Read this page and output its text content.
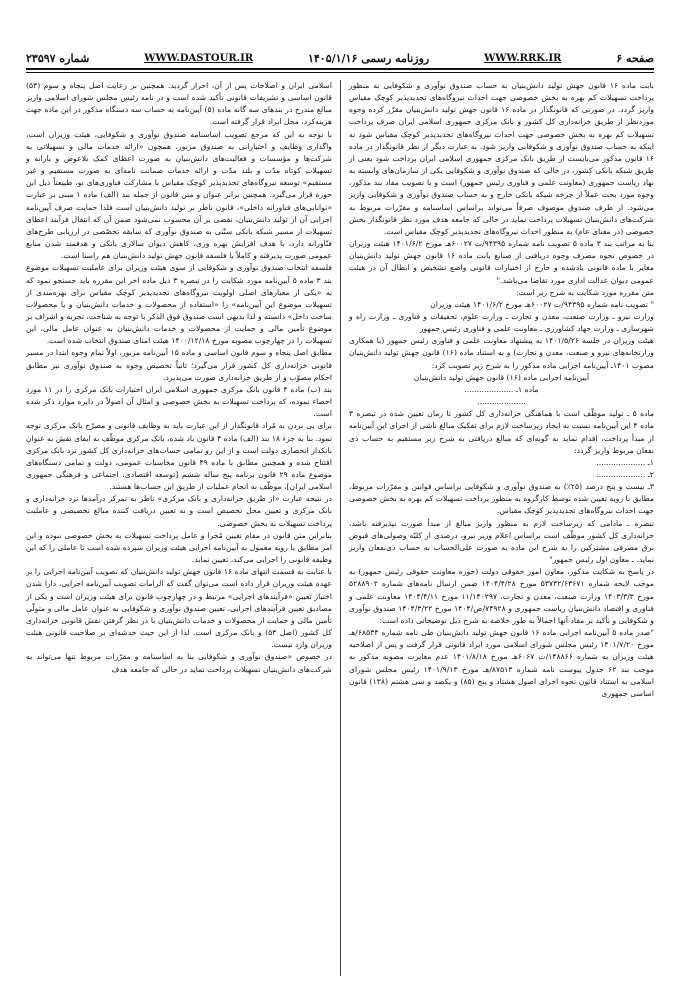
شماره ۲۳۵۹۷	WWW.DASTOUR.IR	روزنامه رسمی ۱۴۰۵/۱/۱۶	WWW.RRK.IR	صفحه ۶

بابت ماده ۱۶ قانون جهش تولید دانش‌بنیان به حساب صندوق نوآوری و شکوفایی به منظور پرداخت تسهیلات کم بهره به بخش خصوصی جهت احداث نیروگاه‌های تجدیدپذیر کوچک مقیاس واریز گردد. در صورتی که قانونگذار در ماده ۱۶ قانون جهش تولید دانش‌بنیان مقرّر کرده وجوه موردنظر از طریق خزانه‌داری کل کشور و بانک مرکزی جمهوری اسلامی ایران صرف پرداخت تسهیلات کم بهره به بخش خصوصی جهت احداث نیروگاه‌های تجدیدپذیر کوچک مقیاس شود نه اینکه به حساب صندوق نوآوری و شکوفایی واریز شود. به عبارت دیگر از نظر قانونگذار در ماده ۱۶ قانون مذکور می‌بایست از طریق بانک مرکزی جمهوری اسلامی ایران پرداخت شود یعنی از طریق شبکه بانکی کشور، در حالی که صندوق نوآوری و شکوفایی یکی از سازمان‌های وابسته به نهاد ریاست جمهوری (معاونت علمی و فناوری رئیس جمهور) است و با تصویب مفاد بند مذکور، وجوه مورد بحث عملاً از چرخه شبکه بانکی خارج و به حساب صندوق نوآوری و شکوفایی واریز می‌شود. از طرف صندوق موصوف صرفاً می‌تواند براساس اساسنامه و مقرّرات مربوط به شرکت‌های دانش‌بنیان تسهیلات پرداخت نماید در حالی که جامعه هدف مورد نظر قانونگذار بخش خصوصی (در معنای عام) به منظور احداث نیروگاه‌های تجدیدپذیر کوچک مقیاس است.

بنا به مراتب بند ۳ ماده ۵ تصویب نامه شماره ۹۴۳۹۵/ت ۶۰۰۲۷هـ مورخ ۱۴۰۱/۶/۲ هیئت وزیران در خصوص نحوه مصرف وجوه دریافتی از صنایع بابت ماده ۱۶ قانون جهش تولید دانش‌بنیان مغایر با ماده قانونی یادشده و خارج از اختیارات قانونی واضع تشخیص و ابطال آن در هیئت عمومی دیوان عدالت اداری مورد تقاضا می‌باشد."

متن مقرره مورد شکایت به شرح زیر است:

" تصویب نامه شماره ۹۴۳۹۵/ت ۶۰۰۲۷هـ مورخ ۱۴۰۱/۶/۲ هیئت وزیران

وزارت نیرو ـ وزارت صنعت، معدن و تجارت ـ وزارت علوم، تحقیقات و فناوری ـ وزارت راه و شهرسازی ـ وزارت جهاد کشاورزی ـ معاونت علمی و فناوری رئیس جمهور

هیئت وزیران در جلسه ۱۴۰۱/۵/۲۶ به پیشنهاد معاونت علمی و فناوری رئیس جمهور (با همکاری وزارتخانه‌های نیرو و صنعت، معدن و تجارت) و به استناد ماده (۱۶) قانون جهش تولید دانش‌بنیان مصوب ۱۴۰۱ـ آیین‌نامه اجرایی ماده مذکور را به شرح زیر تصویب کرد:

آیین‌نامه اجرایی ماده (۱۶) قانون جهش تولید دانش‌بنیان

ماده ۱ـ ....................

....................

ماده ۵ ـ تولید موظّف است با هماهنگی خزانه‌داری کل کشور تا زمان تعیین شده در تبصره ۳ ماده ۴ این آیین‌نامه نسبت به ایجاد زیرساخت لازم برای تفکیک مبالغ ناشی از اجرای این آیین‌نامه از مبدأ پرداخت، اقدام نماید به گونه‌ای که مبالغ دریافتی به شرح زیر مستقیم به حساب ذی نفعان مربوط واریز گردد:

۱ـ ....................

۲ـ ....................

۳ـ بیست و پنج درصد (۲۵٪) به صندوق نوآوری و شکوفایی براساس قوانین و مقرّرات مربوط، مطابق با رویه تعیین شده توسط کارگروه به منظور پرداخت تسهیلات کم بهره به بخش خصوصی جهت احداث نیروگاه‌های تجدیدپذیر کوچک مقیاس.

تبصره ـ مادامی که زیرساخت لازم به منظور واریز مبالغ از مبدأ صورت نپذیرفته باشد، خزانه‌داری کل کشور موظّف است براساس اعلام وزیر نیرو، درصدی از کلیّه وصولی‌های قبوض برق مصرفی مشترکین را به شرح این ماده به صورت علی‌الحساب به حساب ذی‌نفعان واریز نماید. ـ معاون اول رئیس جمهور"

در پاسخ به شکایت مذکور، معاون امور حقوقی دولت (حوزه معاونت حقوقی رئیس جمهور) به موجب لایحه شماره ۵۳۷۳۲/۶۳۶۷۱ مورخ ۱۴۰۴/۴/۲۸ ضمن ارسال نامه‌های شماره ۵۲۸۸۹۰۲ مورخ ۱۴۰۳/۳/۳ وزارت صنعت، معدن و تجارت، ۱۱/۱۴۰۲۹۷ مورخ ۱۴۰۴/۴/۱۱ معاونت علمی و فناوری و اقتصاد دانش‌بنیان ریاست جمهوری و ۷۴۹۲۸/ص/۱۴۰۴ مورخ ۱۴۰۴/۳/۲۲ صندوق نوآوری و شکوفایی و تأکید بر مفاد آنها اجمالاً به طور خلاصه به شرح ذیل توضیحاتی داده است:

"صدر ماده ۵ آیین‌نامه اجرایی ماده ۱۶ قانون جهش تولید دانش‌بنیان طی نامه شماره ۶۸۵۳۴/هـ مورخ ۱۴۰۱/۷/۲۰ رئیس مجلس شورای اسلامی مورد ایراد قانونی قرار گرفت و پس از اصلاحیه هیئت وزیران به شماره ۱۴۸۸۶۶/ت ۶۰۶۷هـ مورخ ۱۴۰۱/۸/۱۸ عدم مغایرت مصوبه مذکور به موجب بند ۶۲ جدول پیوست نامه شماره ۸۷۵۱۳/هـ مورخ ۱۴۰۱/۹/۱۳ رئیس مجلس شورای اسلامی به استناد قانون نحوه اجرای اصول هشتاد و پنج (۸۵) و یکصد و سی هشتم (۱۳۸) قانون اساسی جمهوری

اسلامی ایران و اصلاحات پس از آن، احراز گردید. همچنین بر رعایت اصل پنجاه و سوم (۵۳) قانون اساسی و تشریفات قانونی تأکید شده است و در نامه رئیس مجلس شورای اسلامی واریز مبالغ مندرج در بندهای سه گانه ماده (۵) آیین‌نامه به حساب سه دستگاه مذکور در این ماده جهت هزینه‌کرد، محل ایراد قرار گرفته است.

با توجه به این که مرجع تصویب اساسنامه صندوق نوآوری و شکوفایی، هیئت وزیران است، واگذاری وظایف و اختیاراتی به صندوق مزبور، همچون «ارائه خدمات مالی و تسهیلاتی به شرکت‌ها و مؤسسات و فعالیت‌های دانش‌بنیان به صورت اعطای کمک بلاعوض و یارانه و تسهیلات کوتاه مدّت و بلند مدّت و ارائه خدمات ضمانت نامه‌ای به صورت مستقیم و غیر مستقیم» توسعه نیروگاه‌های تجدیدپذیر کوچک مقیاس با مشارکت فناوری‌های نو، طبیعتاً ذیل این حوزه قرار می‌گیرد. همچنین برابر عنوان و متن قانون از جمله بند (الف) ماده ۱ مبنی بر عبارت «توانایی‌های فناورانه داخلی»، قانون ناظر بر تولید دانش‌بنیان است فلذا حمایت صرف آیین‌نامه اجرایی آن از تولید دانش‌بنیان، نقضی بر آن محسوب نمی‌شود ضمن آن که انتقال فرآیند اعطای تسهیلات از مسیر شبکه بانکی سنّتی به صندوق نوآوری که سابقه تخصّصی در ارزیابی طرح‌های فنّاورانه دارد، با هدف افزایش بهره وری، کاهش دیوان سالاری بانکی و هدفمند شدن منابع عمومی صورت پذیرفته و کاملاً با فلسفه قانون جهش تولید دانش‌بنیان هم راستا است.

فلسفه انتخاب صندوق نوآوری و شکوفایی از سوی هیئت وزیران برای عاملیت تسهیلات موضوع بند ۳ ماده ۵ آیین‌نامه مورد شکایت را در تبصره ۳ ذیل ماده اخر این مقرره باید جستجو نمود که به «یکی از معیارهای اصلی اولویت نیروگاه‌های تجدیدپذیر کوچک مقیاس برای بهره‌مندی از تسهیلات موضوع این آیین‌نامه» را «استفاده از محصولات و خدمات دانش‌بنیان و یا محصولات ساخت داخل» دانسته و لذا بدیهی است صندوق فوق الذکر با توجه به شناخت، تجربه و اشراف بر موضوع تأمین مالی و حمایت از محصولات و خدمات دانش‌بنیان به عنوان عامل مالی، این تسهیلات را در چهارچوب مصوبه مورخ ۱۴۰۰/۱۲/۱۸ هیئت امنای صندوق انتخاب شده است.

مطابق اصل پنجاه و سوم قانون اساسی و ماده ۱۵ آیین‌نامه مزبور، اولاً تمام وجوه ابتدا در مسیر قانونی خزانه‌داری کل کشور قرار می‌گیرد؛ ثانیاً تخصیص وجوه به صندوق نوآوری نیز مطابق احکام مصوّب و از طریق خزانه‌داری صورت می‌پذیرد.

بند (ب) ماده ۴ قانون بانک مرکزی جمهوری اسلامی ایران اختیارات بانک مرکزی را در ۱۱ مورد احصاء نموده، که پرداخت تسهیلات به بخش خصوصی و امثال آن اصولاً در دایره موارد ذکر شده است.

برای پی بردن به مُراد قانونگذار از این عبارت باید به وظایف قانونی و مصرّح بانک مرکزی توجه نمود. بنا به جزء ۱۸ بند (الف) ماده ۴ قانون یاد شده، بانک مرکزی موظّف به ایفای نقش به عنوان بانکدار انحصاری دولت است و از این رو تمامی حساب‌های خزانه‌داری کل کشور نزد بانک مرکزی افتتاح شده و همچنین مطابق با ماده ۴۹ قانون محاسبات عمومی، دولت و تمامی دستگاه‌های موضوع ماده ۲۹ قانون برنامه پنج ساله ششم [توسعه اقتصادی، اجتماعی و فرهنگی جمهوری اسلامی ایران]، موظّف به انجام عملیات از طریق این حساب‌ها هستند.

در نتیجه عبارت «از طریق خزانه‌داری و بانک مرکزی» ناظر به تمرکز درآمدها نزد خزانه‌داری و بانک مرکزی و تعیین محل تخصیص است و نه تعیین دریافت کننده مبالغ تخصیصی و عاملیت پرداخت تسهیلات به بخش خصوصی.

بنابراین متن قانون در مقام تعیین مُجرا و عامل پرداخت تسهیلات به بخش خصوصی نبوده و این امر مطابق با رویه معمول به آیین‌نامه اجرایی هیئت وزیران سپرده شده است تا عاملی را که این وظیفه قانونی را اجرایی می‌کند، تعیین نماید.

با عنایت به قسمت انتهای ماده ۱۶ قانون جهش تولید دانش‌بنیان که تصویب آیین‌نامه اجرایی را بر عهده هیئت وزیران قرار داده است می‌توان گفت که الزامات تصویب آیین‌نامه اجرایی، دارا شدن اختیار تعیین «فرآیندهای اجرایی» مرتبط و در چهارچوب قانون برای هیئت وزیران است و یکی از مصادیق تعیین فرآیندهای اجرایی، تعیین صندوق نوآوری و شکوفایی به عنوان عامل مالی و متولّی تأمین مالی و حمایت از محصولات و خدمات دانش‌بنیان با در نظر گرفتن نقش قانونی خزانه‌داری کل کشور (اصل ۵۳) و بانک مرکزی است. لذا از این حیث خدشه‌ای بر صلاحیت قانونی هیئت وزیران وارد نیست.

در خصوص «صندوق نوآوری و شکوفایی بنا به اساسنامه و مقرّرات مربوط تنها می‌تواند به شرکت‌های دانش‌بنیان تسهیلات پرداخت نماید در حالی که جامعه هدف
